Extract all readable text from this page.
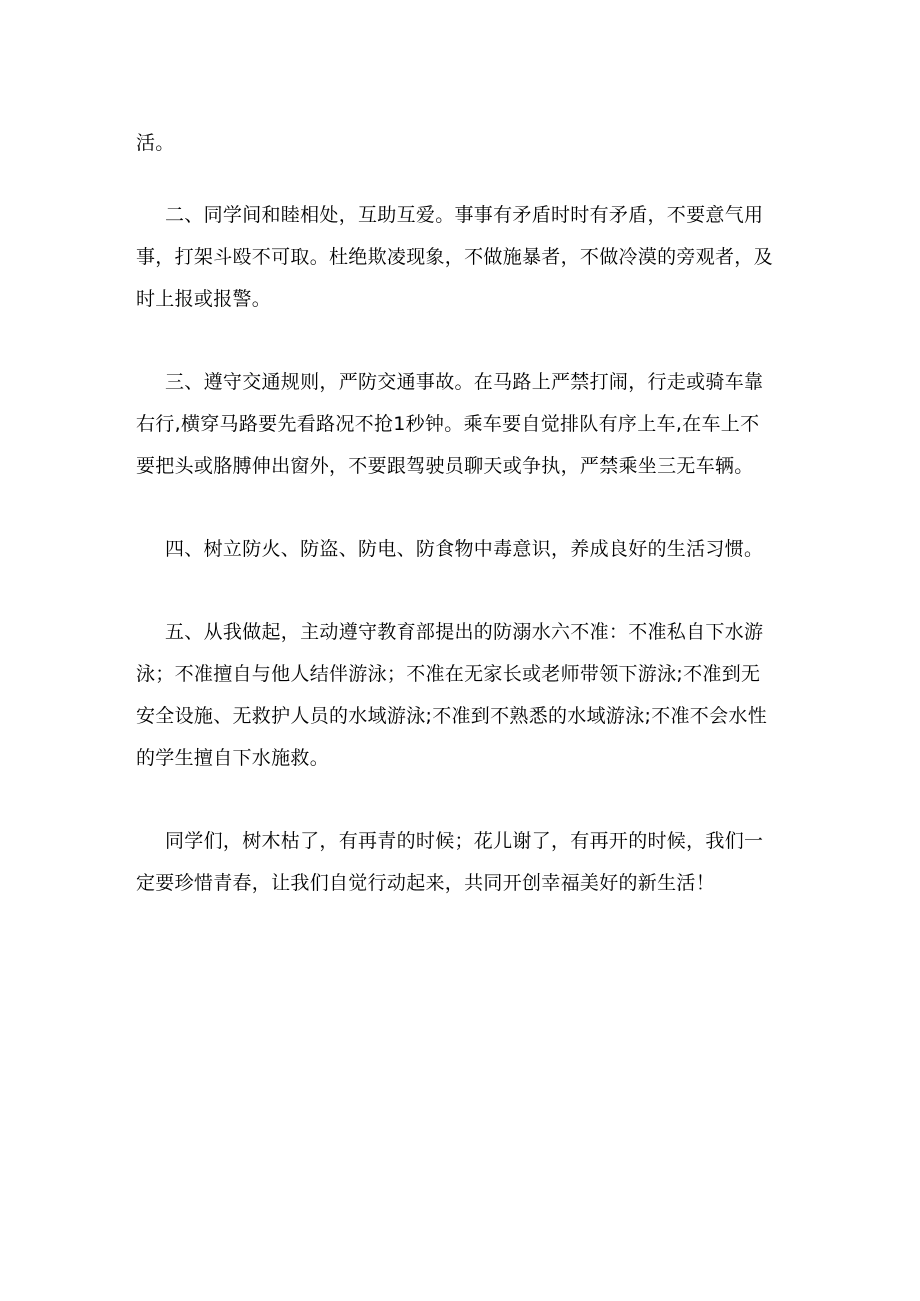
活。

二、同学间和睦相处，互助互爱。事事有矛盾时时有矛盾，不要意气用
事，打架斗殴不可取。杜绝欺凌现象，不做施暴者，不做冷漠的旁观者，及
时上报或报警。

三、遵守交通规则，严防交通事故。在马路上严禁打闹，行走或骑车靠
右行,横穿马路要先看路况不抢1秒钟。乘车要自觉排队有序上车,在车上不
要把头或胳膊伸出窗外，不要跟驾驶员聊天或争执，严禁乘坐三无车辆。

四、树立防火、防盗、防电、防食物中毒意识，养成良好的生活习惯。

五、从我做起，主动遵守教育部提出的防溺水六不准：不准私自下水游
泳；不准擅自与他人结伴游泳；不准在无家长或老师带领下游泳;不准到无
安全设施、无救护人员的水域游泳;不准到不熟悉的水域游泳;不准不会水性
的学生擅自下水施救。

同学们，树木枯了，有再青的时候；花儿谢了，有再开的时候，我们一
定要珍惜青春，让我们自觉行动起来，共同开创幸福美好的新生活！
